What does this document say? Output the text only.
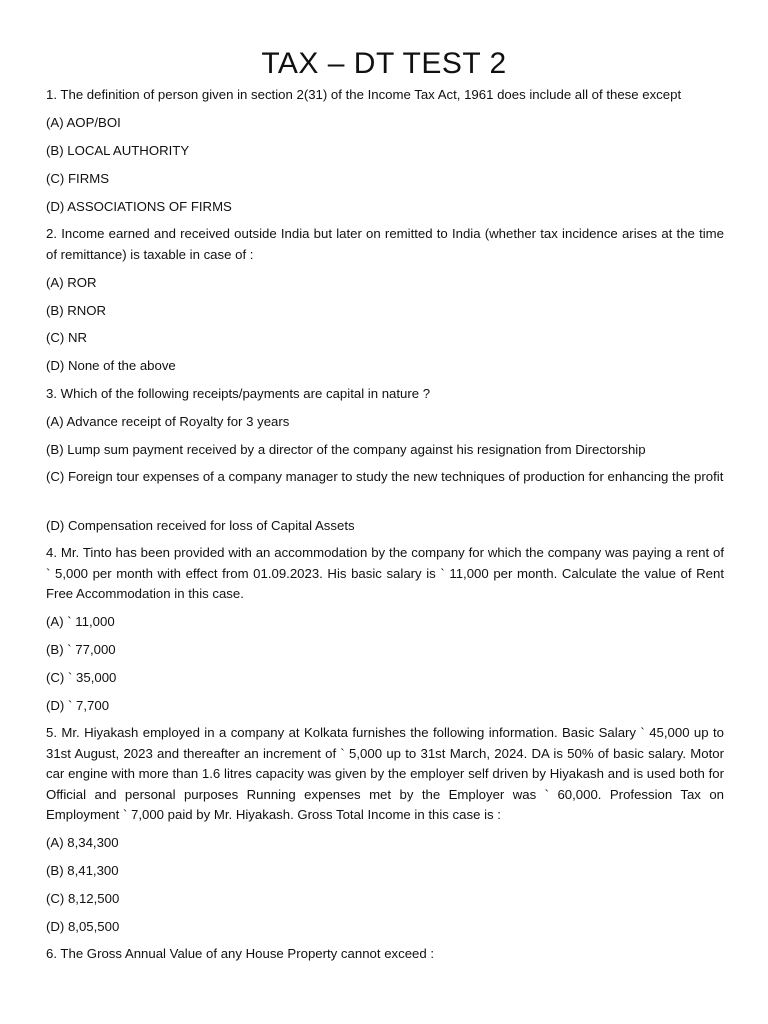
TAX – DT TEST 2

1. The definition of person given in section 2(31) of the Income Tax Act, 1961 does include all of these except

(A) AOP/BOI

(B) LOCAL AUTHORITY

(C) FIRMS

(D) ASSOCIATIONS OF FIRMS

2. Income earned and received outside India but later on remitted to India (whether tax incidence arises at the time of remittance) is taxable in case of :

(A) ROR

(B) RNOR

(C) NR

(D) None of the above

3. Which of the following receipts/payments are capital in nature ?

(A) Advance receipt of Royalty for 3 years

(B) Lump sum payment received by a director of the company against his resignation from Directorship

(C) Foreign tour expenses of a company manager to study the new techniques of production for enhancing the profit

(D) Compensation received for loss of Capital Assets

4. Mr. Tinto has been provided with an accommodation by the company for which the company was paying a rent of ` 5,000 per month with effect from 01.09.2023. His basic salary is ` 11,000 per month. Calculate the value of Rent Free Accommodation in this case.

(A) ` 11,000

(B) ` 77,000

(C) ` 35,000

(D) ` 7,700

5. Mr. Hiyakash employed in a company at Kolkata furnishes the following information. Basic Salary ` 45,000 up to 31st August, 2023 and thereafter an increment of ` 5,000 up to 31st March, 2024. DA is 50% of basic salary. Motor car engine with more than 1.6 litres capacity was given by the employer self driven by Hiyakash and is used both for Official and personal purposes Running expenses met by the Employer was ` 60,000. Profession Tax on Employment ` 7,000 paid by Mr. Hiyakash. Gross Total Income in this case is :

(A) 8,34,300

(B) 8,41,300

(C) 8,12,500

(D) 8,05,500

6. The Gross Annual Value of any House Property cannot exceed :
